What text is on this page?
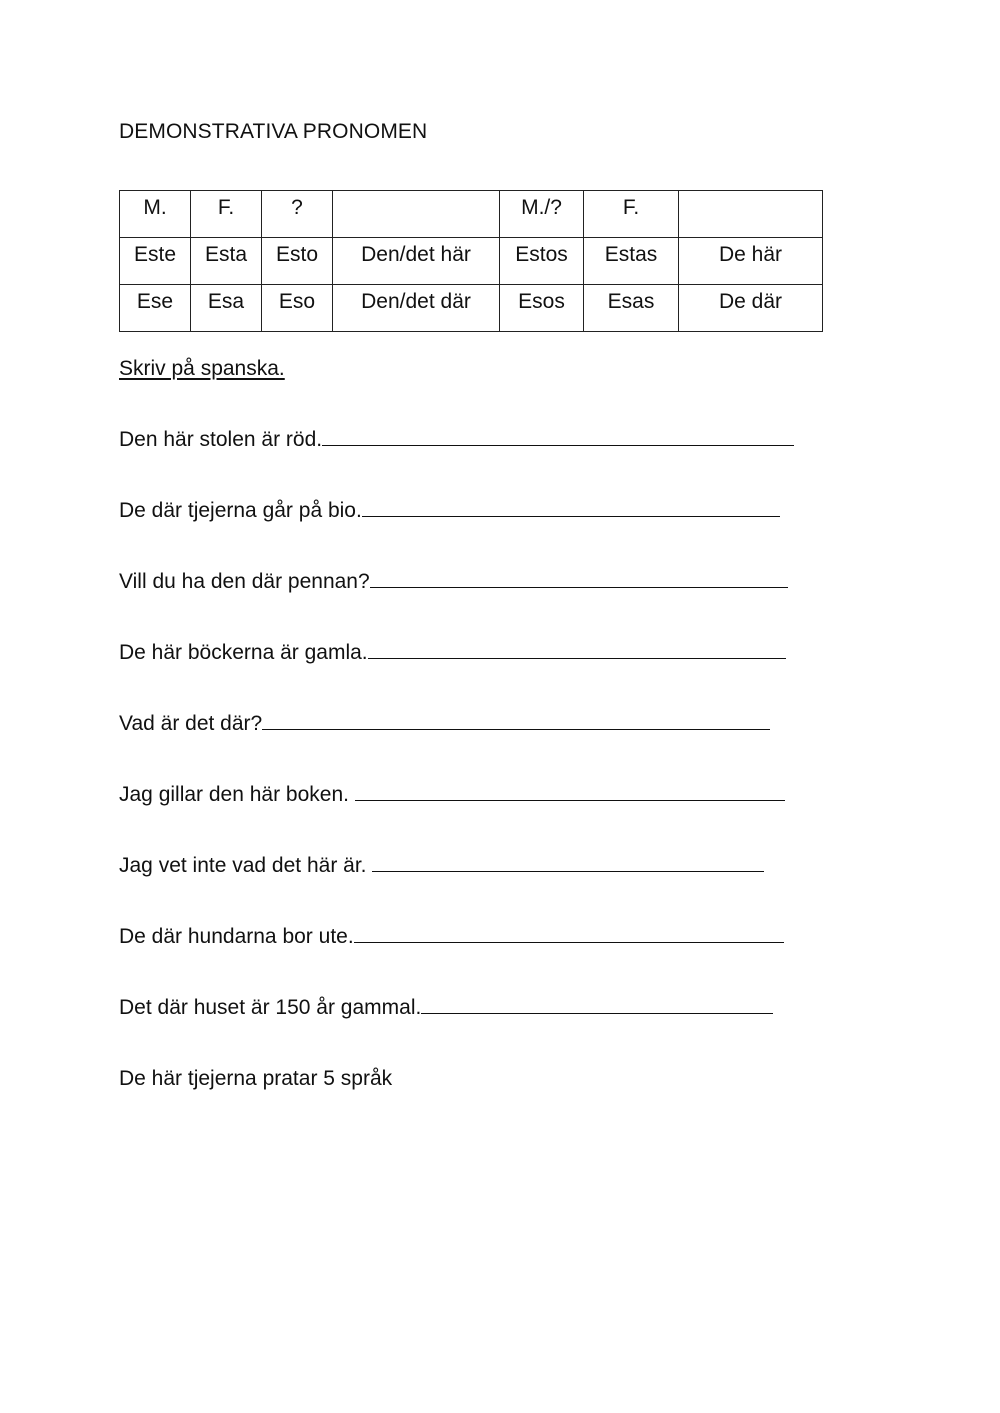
DEMONSTRATIVA PRONOMEN
M.	F.	?		M./?	F.	

Este	Esta	Esto	Den/det här	Estos	Estas	De här

Ese	Esa	Eso	Den/det där	Esos	Esas	De där
Skriv på spanska.
Den här stolen är röd.
De där tjejerna går på bio.
Vill du ha den där pennan?
De här böckerna är gamla.
Vad är det där?
Jag gillar den här boken.
Jag vet inte vad det här är.
De där hundarna bor ute.
Det där huset är 150 år gammal.
De här tjejerna pratar 5 språk
